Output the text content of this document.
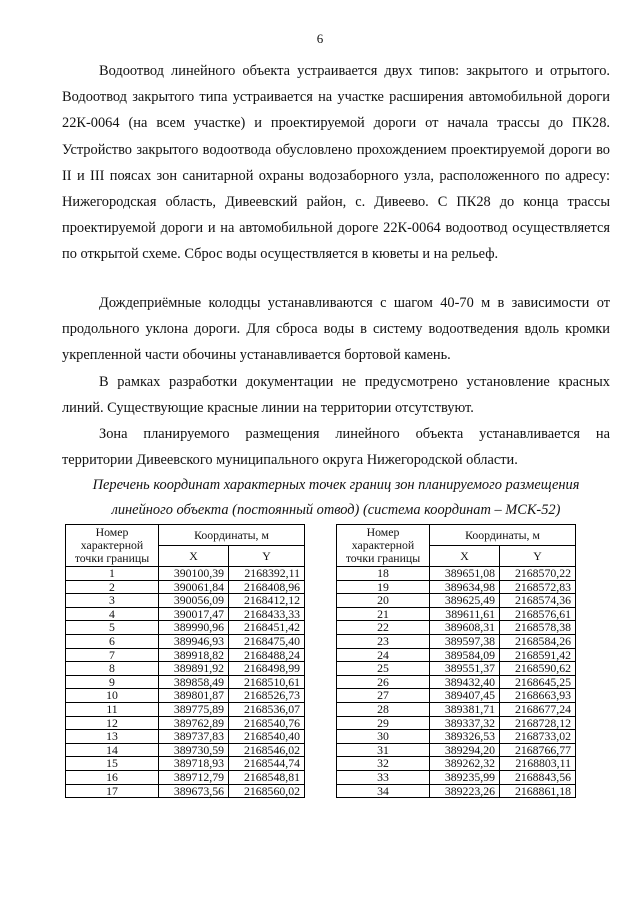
6

Водоотвод линейного объекта устраивается двух типов: закрытого и отрытого. Водоотвод закрытого типа устраивается на участке расширения автомобильной дороги 22К-0064 (на всем участке) и проектируемой дороги от начала трассы до ПК28. Устройство закрытого водоотвода обусловлено прохождением проектируемой дороги во II и III поясах зон санитарной охраны водозаборного узла, расположенного по адресу: Нижегородская область, Дивеевский район, с. Дивеево. С ПК28 до конца трассы проектируемой дороги и на автомобильной дороге 22К-0064 водоотвод осуществляется по открытой схеме. Сброс воды осуществляется в кюветы и на рельеф.

Дождеприёмные колодцы устанавливаются с шагом 40-70 м в зависимости от продольного уклона дороги. Для сброса воды в систему водоотведения вдоль кромки укрепленной части обочины устанавливается бортовой камень.

В рамках разработки документации не предусмотрено установление красных линий. Существующие красные линии на территории отсутствуют.

Зона планируемого размещения линейного объекта устанавливается на территории Дивеевского муниципального округа Нижегородской области.

Перечень координат характерных точек границ зон планируемого размещения линейного объекта (постоянный отвод) (система координат – МСК-52)
Номер характерной точки границы	Координаты, м	
	X	Y
1	390100,39	2168392,11
2	390061,84	2168408,96
3	390056,09	2168412,12
4	390017,47	2168433,33
5	389990,96	2168451,42
6	389946,93	2168475,40
7	389918,82	2168488,24
8	389891,92	2168498,99
9	389858,49	2168510,61
10	389801,87	2168526,73
11	389775,89	2168536,07
12	389762,89	2168540,76
13	389737,83	2168540,40
14	389730,59	2168546,02
15	389718,93	2168544,74
16	389712,79	2168548,81
17	389673,56	2168560,02
Номер характерной точки границы	Координаты, м	
	X	Y
18	389651,08	2168570,22
19	389634,98	2168572,83
20	389625,49	2168574,36
21	389611,61	2168576,61
22	389608,31	2168578,38
23	389597,38	2168584,26
24	389584,09	2168591,42
25	389551,37	2168590,62
26	389432,40	2168645,25
27	389407,45	2168663,93
28	389381,71	2168677,24
29	389337,32	2168728,12
30	389326,53	2168733,02
31	389294,20	2168766,77
32	389262,32	2168803,11
33	389235,99	2168843,56
34	389223,26	2168861,18
